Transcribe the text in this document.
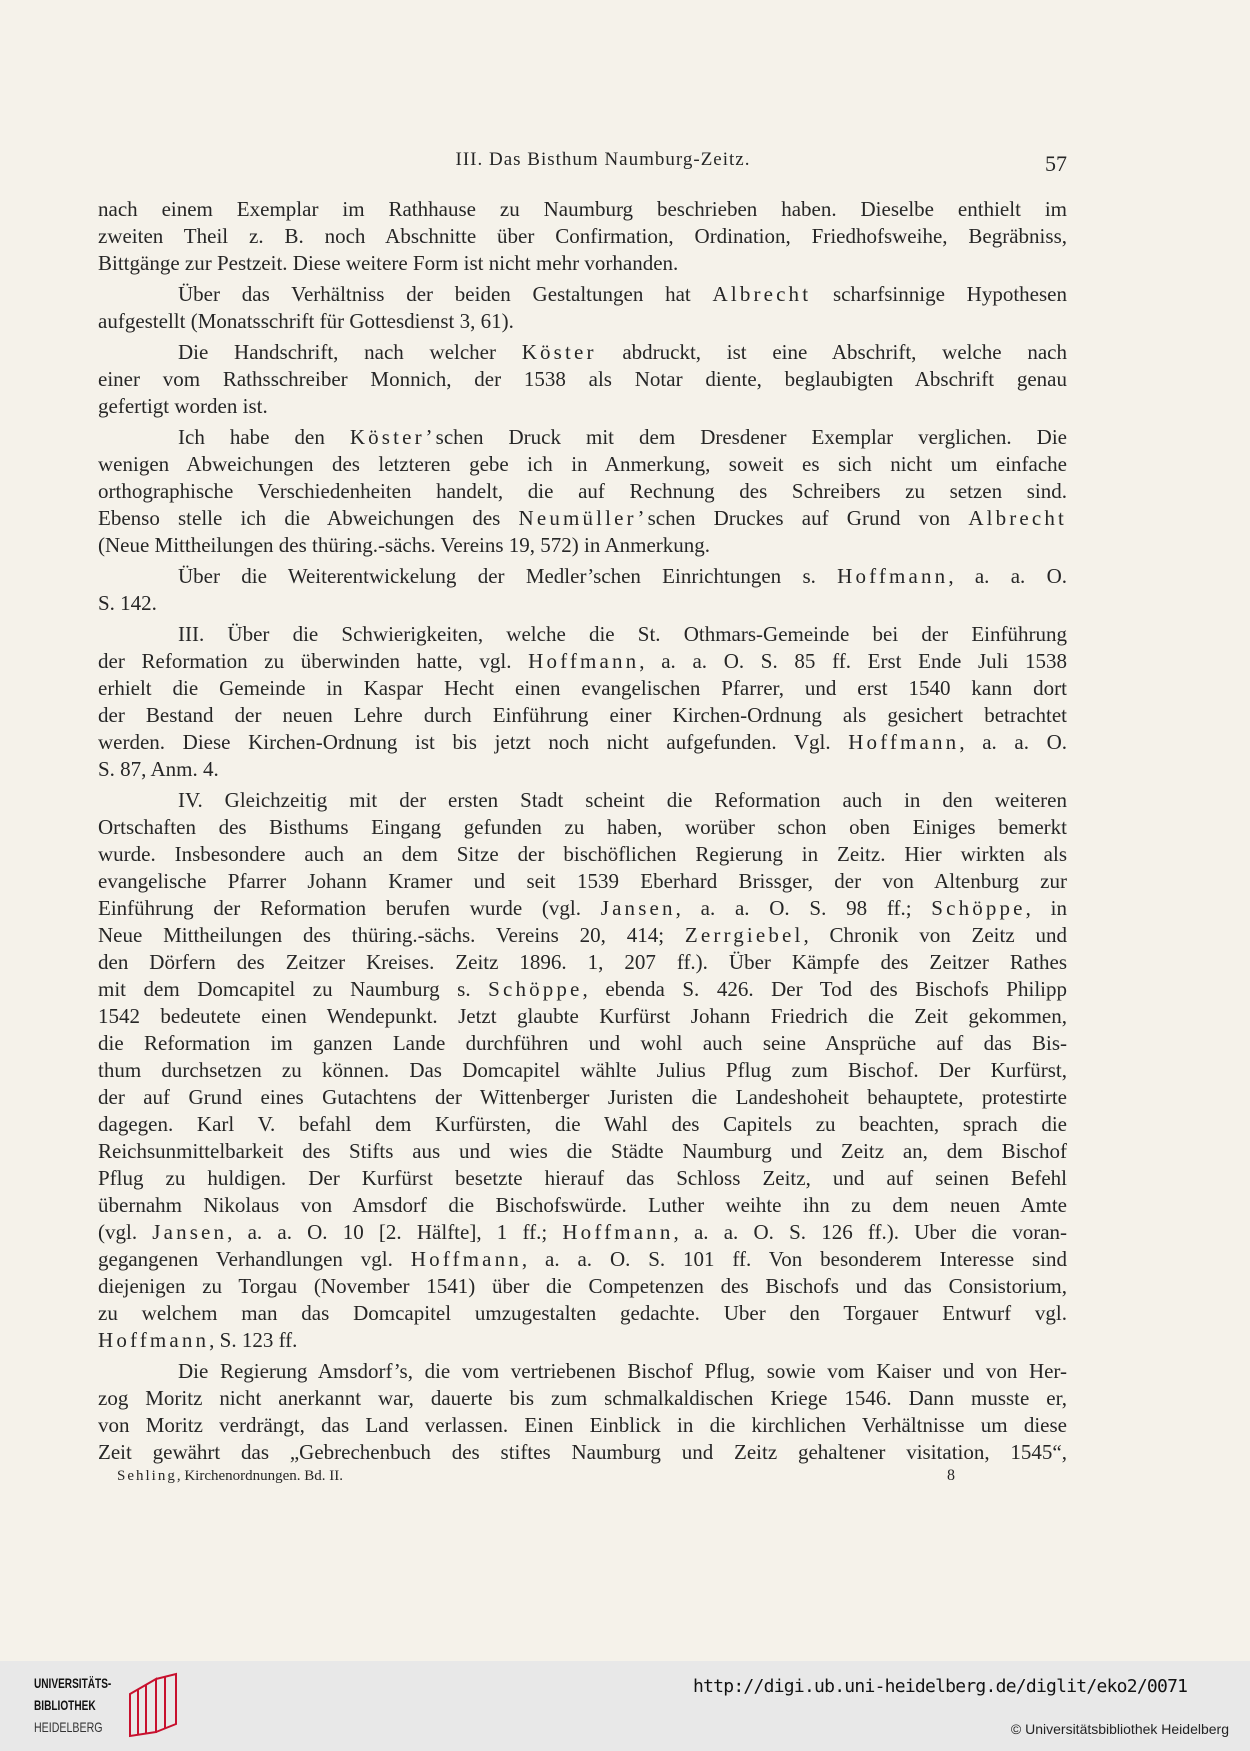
III. Das Bisthum Naumburg-Zeitz.	57
nach einem Exemplar im Rathhause zu Naumburg beschrieben haben. Dieselbe enthielt im
zweiten Theil z. B. noch Abschnitte über Confirmation, Ordination, Friedhofsweihe, Begräbniss,
Bittgänge zur Pestzeit. Diese weitere Form ist nicht mehr vorhanden.
Über das Verhältniss der beiden Gestaltungen hat Albrecht scharfsinnige Hypothesen
aufgestellt (Monatsschrift für Gottesdienst 3, 61).
Die Handschrift, nach welcher Köster abdruckt, ist eine Abschrift, welche nach
einer vom Rathsschreiber Monnich, der 1538 als Notar diente, beglaubigten Abschrift genau
gefertigt worden ist.
Ich habe den Köster’schen Druck mit dem Dresdener Exemplar verglichen. Die
wenigen Abweichungen des letzteren gebe ich in Anmerkung, soweit es sich nicht um einfache
orthographische Verschiedenheiten handelt, die auf Rechnung des Schreibers zu setzen sind.
Ebenso stelle ich die Abweichungen des Neumüller’schen Druckes auf Grund von Albrecht
(Neue Mittheilungen des thüring.-sächs. Vereins 19, 572) in Anmerkung.
Über die Weiterentwickelung der Medler’schen Einrichtungen s. Hoffmann, a. a. O.
S. 142.
III. Über die Schwierigkeiten, welche die St. Othmars-Gemeinde bei der Einführung
der Reformation zu überwinden hatte, vgl. Hoffmann, a. a. O. S. 85 ff. Erst Ende Juli 1538
erhielt die Gemeinde in Kaspar Hecht einen evangelischen Pfarrer, und erst 1540 kann dort
der Bestand der neuen Lehre durch Einführung einer Kirchen-Ordnung als gesichert betrachtet
werden. Diese Kirchen-Ordnung ist bis jetzt noch nicht aufgefunden. Vgl. Hoffmann, a. a. O.
S. 87, Anm. 4.
IV. Gleichzeitig mit der ersten Stadt scheint die Reformation auch in den weiteren
Ortschaften des Bisthums Eingang gefunden zu haben, worüber schon oben Einiges bemerkt
wurde. Insbesondere auch an dem Sitze der bischöflichen Regierung in Zeitz. Hier wirkten als
evangelische Pfarrer Johann Kramer und seit 1539 Eberhard Brissger, der von Altenburg zur
Einführung der Reformation berufen wurde (vgl. Jansen, a. a. O. S. 98 ff.; Schöppe, in
Neue Mittheilungen des thüring.-sächs. Vereins 20, 414; Zerrgiebel, Chronik von Zeitz und
den Dörfern des Zeitzer Kreises. Zeitz 1896. 1, 207 ff.). Über Kämpfe des Zeitzer Rathes
mit dem Domcapitel zu Naumburg s. Schöppe, ebenda S. 426. Der Tod des Bischofs Philipp
1542 bedeutete einen Wendepunkt. Jetzt glaubte Kurfürst Johann Friedrich die Zeit gekommen,
die Reformation im ganzen Lande durchführen und wohl auch seine Ansprüche auf das Bis-
thum durchsetzen zu können. Das Domcapitel wählte Julius Pflug zum Bischof. Der Kurfürst,
der auf Grund eines Gutachtens der Wittenberger Juristen die Landeshoheit behauptete, protestirte
dagegen. Karl V. befahl dem Kurfürsten, die Wahl des Capitels zu beachten, sprach die
Reichsunmittelbarkeit des Stifts aus und wies die Städte Naumburg und Zeitz an, dem Bischof
Pflug zu huldigen. Der Kurfürst besetzte hierauf das Schloss Zeitz, und auf seinen Befehl
übernahm Nikolaus von Amsdorf die Bischofswürde. Luther weihte ihn zu dem neuen Amte
(vgl. Jansen, a. a. O. 10 [2. Hälfte], 1 ff.; Hoffmann, a. a. O. S. 126 ff.). Uber die voran-
gegangenen Verhandlungen vgl. Hoffmann, a. a. O. S. 101 ff. Von besonderem Interesse sind
diejenigen zu Torgau (November 1541) über die Competenzen des Bischofs und das Consistorium,
zu welchem man das Domcapitel umzugestalten gedachte. Uber den Torgauer Entwurf vgl.
Hoffmann, S. 123 ff.
Die Regierung Amsdorf’s, die vom vertriebenen Bischof Pflug, sowie vom Kaiser und von Her-
zog Moritz nicht anerkannt war, dauerte bis zum schmalkaldischen Kriege 1546. Dann musste er,
von Moritz verdrängt, das Land verlassen. Einen Einblick in die kirchlichen Verhältnisse um diese
Zeit gewährt das „Gebrechenbuch des stiftes Naumburg und Zeitz gehaltener visitation, 1545“,
Sehling, Kirchenordnungen. Bd. II.	8
UNIVERSITÄTS-
BIBLIOTHEK
HEIDELBERG
http://digi.ub.uni-heidelberg.de/diglit/eko2/0071
© Universitätsbibliothek Heidelberg
